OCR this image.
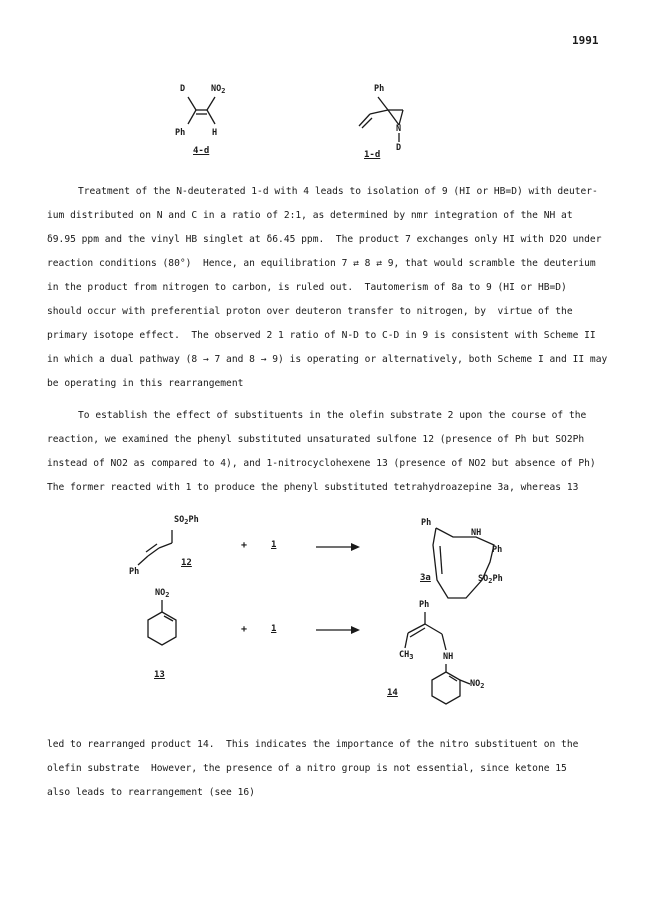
1991
D	$NO_2$
Ph	H
4-d
Ph
N
D
1-d
Treatment of the N-deuterated 1-d with 4 leads to isolation of 9 (HI or HB=D) with deuter-
ium distributed on N and C in a ratio of 2:1, as determined by nmr integration of the NH at
δ9.95 ppm and the vinyl HB singlet at δ6.45 ppm.  The product 7 exchanges only HI with D2O under
reaction conditions (80°)  Hence, an equilibration 7 ⇄ 8 ⇄ 9, that would scramble the deuterium
in the product from nitrogen to carbon, is ruled out.  Tautomerism of 8a to 9 (HI or HB=D)
should occur with preferential proton over deuteron transfer to nitrogen, by  virtue of the
primary isotope effect.  The observed 2 1 ratio of N-D to C-D in 9 is consistent with Scheme II
in which a dual pathway (8 → 7 and 8 → 9) is operating or alternatively, both Scheme I and II may
be operating in this rearrangement
To establish the effect of substituents in the olefin substrate 2 upon the course of the
reaction, we examined the phenyl substituted unsaturated sulfone 12 (presence of Ph but SO2Ph
instead of NO2 as compared to 4), and 1-nitrocyclohexene 13 (presence of NO2 but absence of Ph)
The former reacted with 1 to produce the phenyl substituted tetrahydroazepine 3a, whereas 13
$SO_2Ph$
Ph
12
+	1
Ph
NH
Ph
$SO_2Ph$
3a
$NO_2$
13
+	1
Ph
$CH_3$	NH
$NO_2$
14
led to rearranged product 14.  This indicates the importance of the nitro substituent on the
olefin substrate  However, the presence of a nitro group is not essential, since ketone 15
also leads to rearrangement (see 16)
